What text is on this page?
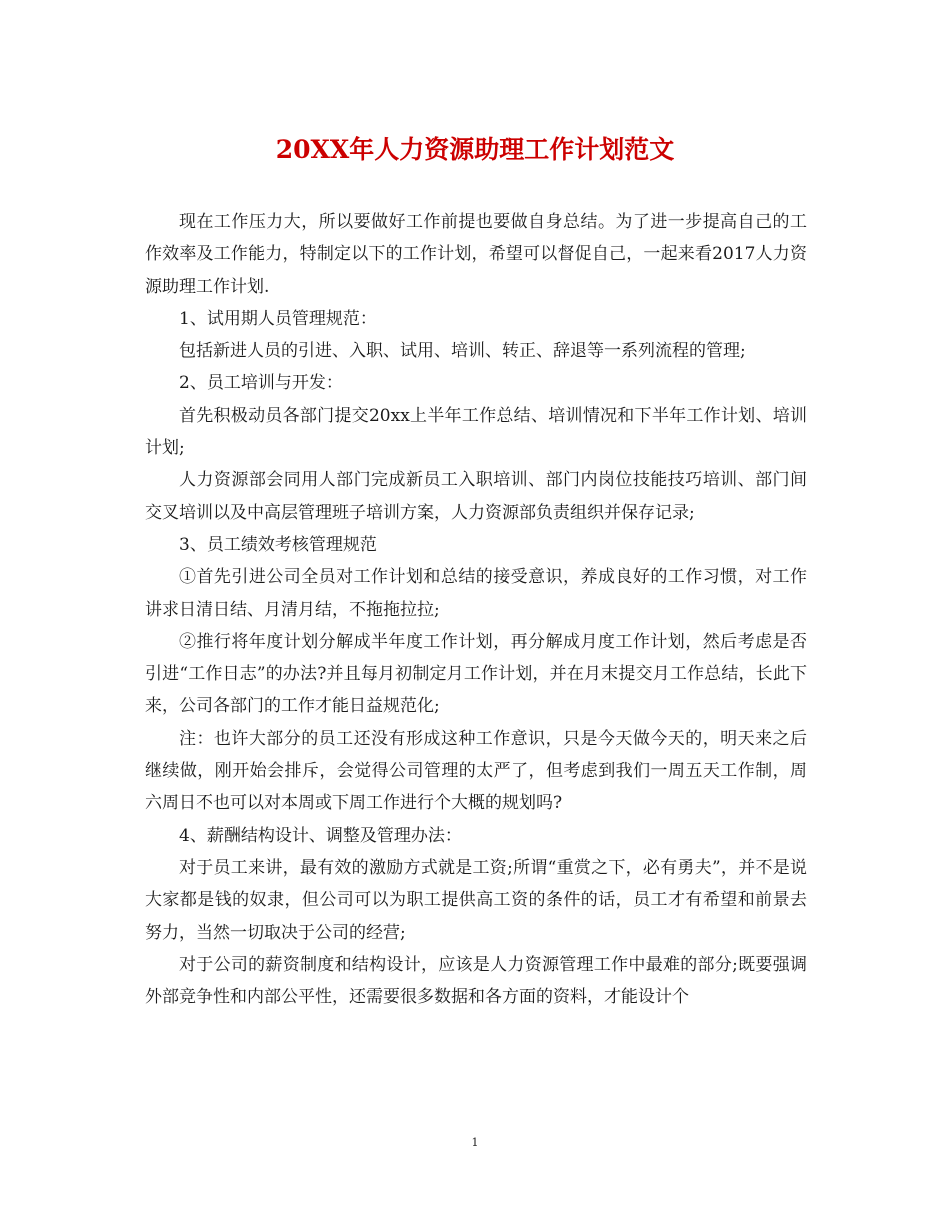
20XX年人力资源助理工作计划范文

现在工作压力大，所以要做好工作前提也要做自身总结。为了进一步提高自己的工作效率及工作能力，特制定以下的工作计划，希望可以督促自己，一起来看2017人力资源助理工作计划.

1、试用期人员管理规范：

包括新进人员的引进、入职、试用、培训、转正、辞退等一系列流程的管理;

2、员工培训与开发：

首先积极动员各部门提交20xx上半年工作总结、培训情况和下半年工作计划、培训计划;

人力资源部会同用人部门完成新员工入职培训、部门内岗位技能技巧培训、部门间交叉培训以及中高层管理班子培训方案，人力资源部负责组织并保存记录;

3、员工绩效考核管理规范

①首先引进公司全员对工作计划和总结的接受意识，养成良好的工作习惯，对工作讲求日清日结、月清月结，不拖拖拉拉;

②推行将年度计划分解成半年度工作计划，再分解成月度工作计划，然后考虑是否引进“工作日志”的办法?并且每月初制定月工作计划，并在月末提交月工作总结，长此下来，公司各部门的工作才能日益规范化;

注：也许大部分的员工还没有形成这种工作意识，只是今天做今天的，明天来之后继续做，刚开始会排斥，会觉得公司管理的太严了，但考虑到我们一周五天工作制，周六周日不也可以对本周或下周工作进行个大概的规划吗?

4、薪酬结构设计、调整及管理办法：

对于员工来讲，最有效的激励方式就是工资;所谓“重赏之下，必有勇夫”，并不是说大家都是钱的奴隶，但公司可以为职工提供高工资的条件的话，员工才有希望和前景去努力，当然一切取决于公司的经营;

对于公司的薪资制度和结构设计，应该是人力资源管理工作中最难的部分;既要强调外部竞争性和内部公平性，还需要很多数据和各方面的资料，才能设计个

1
